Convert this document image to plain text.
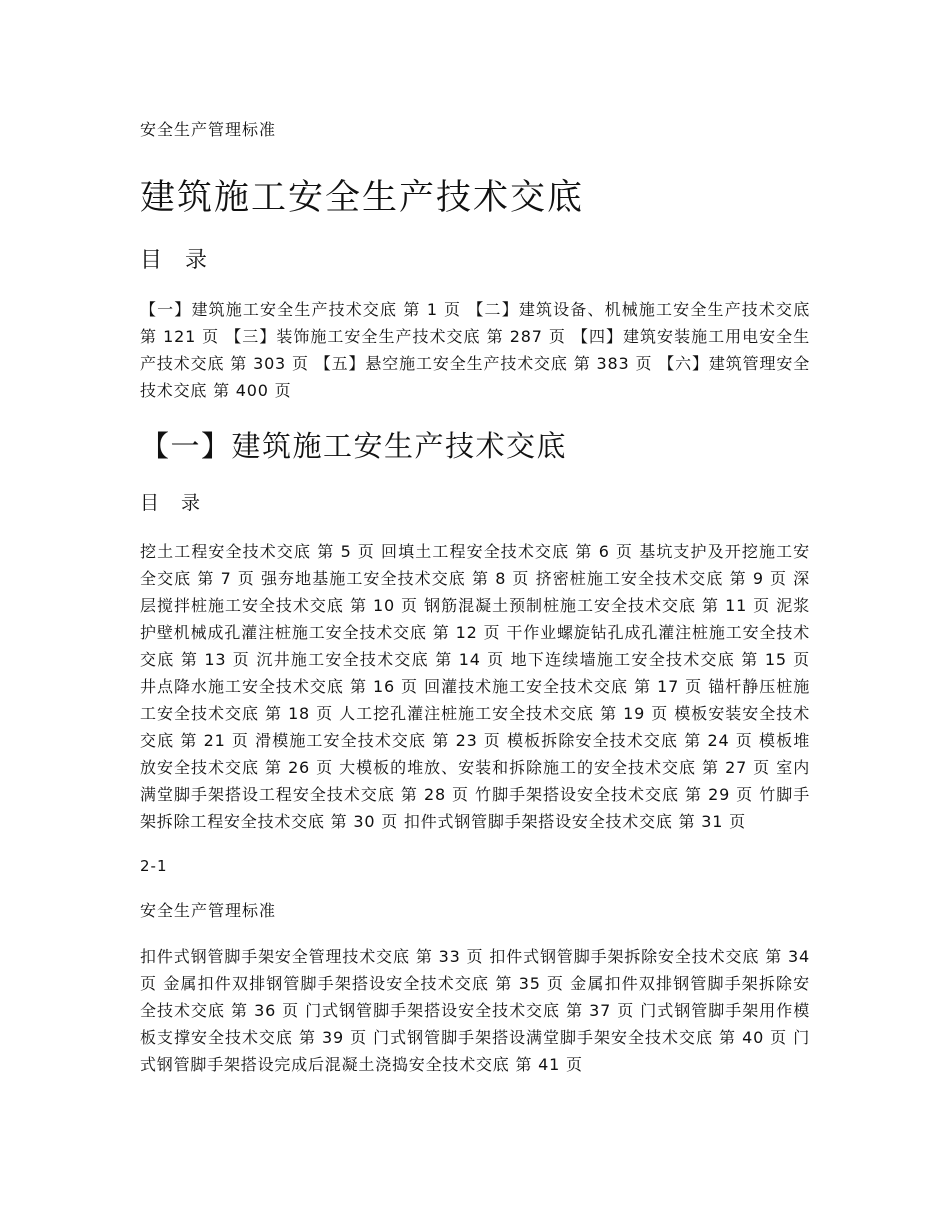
安全生产管理标准

建筑施工安全生产技术交底
目 录

【一】建筑施工安全生产技术交底 第 1 页 【二】建筑设备、机械施工安全生产技术交底 第 121 页 【三】装饰施工安全生产技术交底 第 287 页 【四】建筑安装施工用电安全生产技术交底 第 303 页 【五】悬空施工安全生产技术交底 第 383 页 【六】建筑管理安全技术交底 第 400 页

【一】建筑施工安生产技术交底
目 录

挖土工程安全技术交底 第 5 页 回填土工程安全技术交底 第 6 页 基坑支护及开挖施工安全交底 第 7 页 强夯地基施工安全技术交底 第 8 页 挤密桩施工安全技术交底 第 9 页 深层搅拌桩施工安全技术交底 第 10 页 钢筋混凝土预制桩施工安全技术交底 第 11 页 泥浆护壁机械成孔灌注桩施工安全技术交底 第 12 页 干作业螺旋钻孔成孔灌注桩施工安全技术交底 第 13 页 沉井施工安全技术交底 第 14 页 地下连续墙施工安全技术交底 第 15 页 井点降水施工安全技术交底 第 16 页 回灌技术施工安全技术交底 第 17 页 锚杆静压桩施工安全技术交底 第 18 页 人工挖孔灌注桩施工安全技术交底 第 19 页 模板安装安全技术交底 第 21 页 滑模施工安全技术交底 第 23 页 模板拆除安全技术交底 第 24 页 模板堆放安全技术交底 第 26 页 大模板的堆放、安装和拆除施工的安全技术交底 第 27 页 室内满堂脚手架搭设工程安全技术交底 第 28 页 竹脚手架搭设安全技术交底 第 29 页 竹脚手架拆除工程安全技术交底 第 30 页 扣件式钢管脚手架搭设安全技术交底 第 31 页

2-1

安全生产管理标准

扣件式钢管脚手架安全管理技术交底 第 33 页 扣件式钢管脚手架拆除安全技术交底 第 34 页 金属扣件双排钢管脚手架搭设安全技术交底 第 35 页 金属扣件双排钢管脚手架拆除安全技术交底 第 36 页 门式钢管脚手架搭设安全技术交底 第 37 页 门式钢管脚手架用作模板支撑安全技术交底 第 39 页 门式钢管脚手架搭设满堂脚手架安全技术交底 第 40 页 门式钢管脚手架搭设完成后混凝土浇捣安全技术交底 第 41 页
